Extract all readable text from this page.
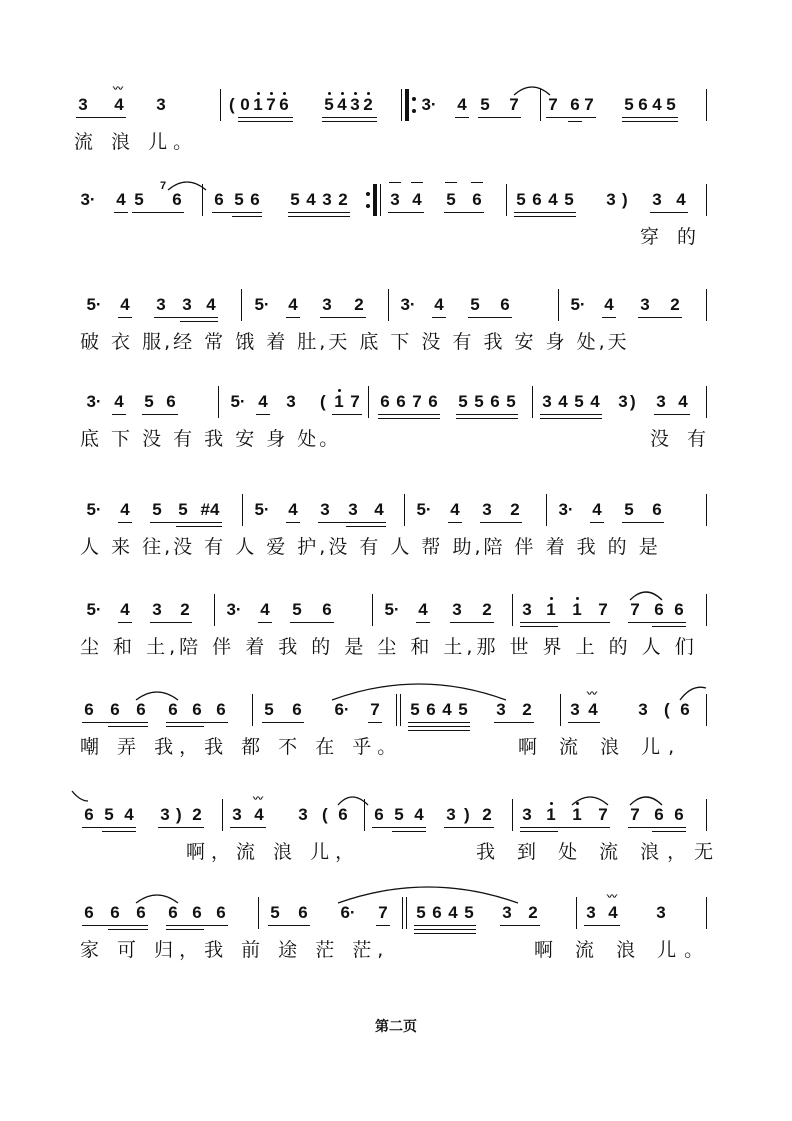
3
〰
4 3	( 0 1 7 6 5 4 3 2	3· 4 5 7 7 6 7 5 6 4 5
流 浪 儿。
3· 4 5
7
6 6 5 6 5 4 3 2	3 4 5 6 5 6 4 5 3 ) 3 4
穿 的
5· 4 3 3 4 5· 4 3 2 3· 4 5 6	5· 4 3 2
破 衣 服,经 常 饿 着 肚,天 底 下 没 有 我 安 身 处,天
3· 4 5 6	5· 4 3 ( 1 7 6 6 7 6 5 5 6 5 3 4 5 4 3 ) 3 4
底 下 没 有 我 安 身 处。	没 有
5· 4 5 5 #4 5· 4 3 3 4 5· 4 3 2 3· 4 5 6
人 来 往,没 有 人 爱 护,没 有 人 帮 助,陪 伴 着 我 的 是
5· 4 3 2 3· 4 5 6	5· 4 3 2 3 1 1 7 7 6 6
尘 和 土,陪 伴 着 我 的 是 尘 和 土,那 世 界 上 的 人 们
6 6 6 6 6 6 5 6 6· 7 5 6 4 5 3 2 3
〰
4 3 ( 6
嘲 弄 我，我 都 不 在 乎。	啊 流 浪 儿,
6 5 4 3 ) 2 3
〰
4 3 ( 6 6 5 4 3 ) 2 3 1 1 7 7 6 6
啊，流 浪 儿，	我 到 处 流 浪，无
6 6 6 6 6 6	5 6 6· 7 5 6 4 5 3 2	3
〰
4 3
家 可 归，我 前 途 茫 茫,	啊 流 浪 儿。
第二页
